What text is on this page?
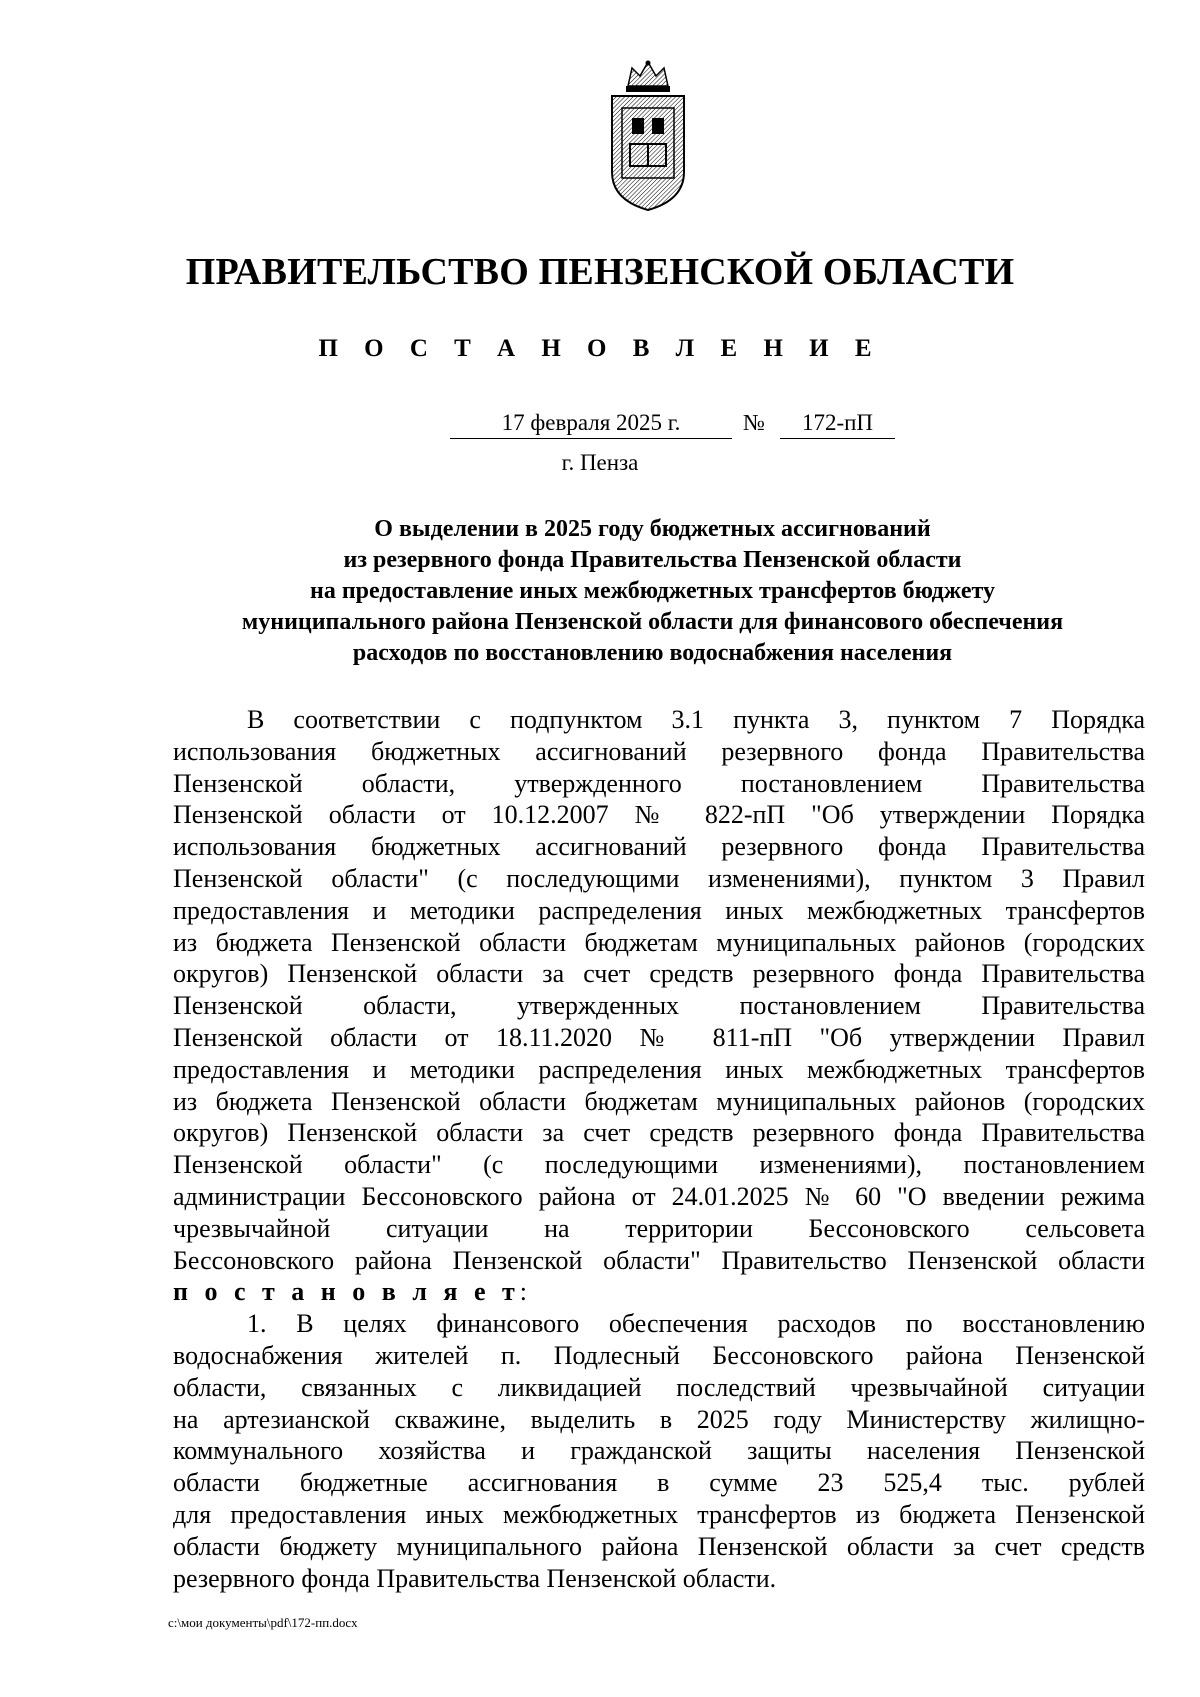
ПРАВИТЕЛЬСТВО ПЕНЗЕНСКОЙ ОБЛАСТИ
П О С Т А Н О В Л Е Н И Е
17 февраля 2025 г.	№	172-пП
г. Пенза
О выделении в 2025 году бюджетных ассигнований
из резервного фонда Правительства Пензенской области
на предоставление иных межбюджетных трансфертов бюджету
муниципального района Пензенской области для финансового обеспечения
расходов по восстановлению водоснабжения населения
В соответствии с подпунктом 3.1 пункта 3, пунктом 7 Порядка
использования бюджетных ассигнований резервного фонда Правительства
Пензенской области, утвержденного постановлением Правительства
Пензенской области от 10.12.2007 № 822-пП "Об утверждении Порядка
использования бюджетных ассигнований резервного фонда Правительства
Пензенской области" (с последующими изменениями), пунктом 3 Правил
предоставления и методики распределения иных межбюджетных трансфертов
из бюджета Пензенской области бюджетам муниципальных районов (городских
округов) Пензенской области за счет средств резервного фонда Правительства
Пензенской области, утвержденных постановлением Правительства
Пензенской области от 18.11.2020 № 811-пП "Об утверждении Правил
предоставления и методики распределения иных межбюджетных трансфертов
из бюджета Пензенской области бюджетам муниципальных районов (городских
округов) Пензенской области за счет средств резервного фонда Правительства
Пензенской области" (с последующими изменениями), постановлением
администрации Бессоновского района от 24.01.2025 № 60 "О введении режима
чрезвычайной ситуации на территории Бессоновского сельсовета
Бессоновского района Пензенской области" Правительство Пензенской области
п о с т а н о в л я е т:
1. В целях финансового обеспечения расходов по восстановлению
водоснабжения жителей п. Подлесный Бессоновского района Пензенской
области, связанных с ликвидацией последствий чрезвычайной ситуации
на артезианской скважине, выделить в 2025 году Министерству жилищно-
коммунального хозяйства и гражданской защиты населения Пензенской
области бюджетные ассигнования в сумме 23 525,4 тыс. рублей
для предоставления иных межбюджетных трансфертов из бюджета Пензенской
области бюджету муниципального района Пензенской области за счет средств
резервного фонда Правительства Пензенской области.
c:\мои документы\pdf\172-пп.docx
